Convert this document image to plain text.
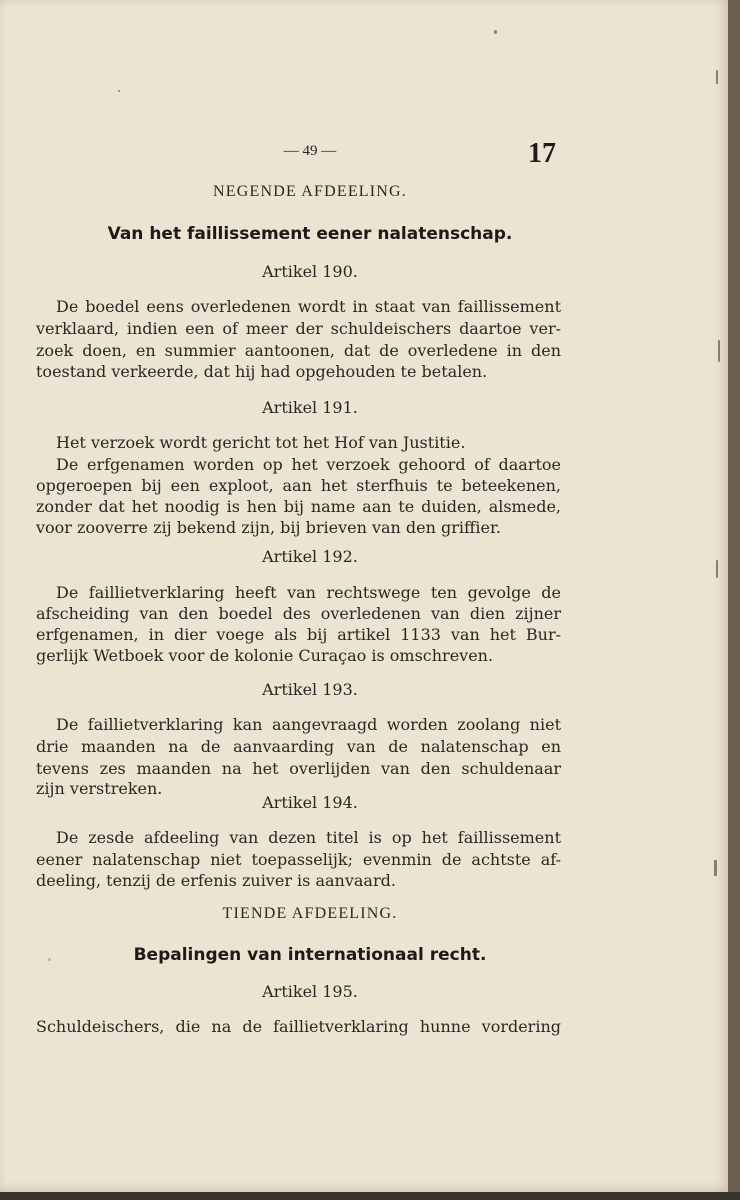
— 49 —	17
NEGENDE AFDEELING.
Van het faillissement eener nalatenschap.
Artikel 190.
De boedel eens overledenen wordt in staat van faillissement
verklaard, indien een of meer der schuldeischers daartoe ver-
zoek doen, en summier aantoonen, dat de overledene in den
toestand verkeerde, dat hij had opgehouden te betalen.
Artikel 191.
Het verzoek wordt gericht tot het Hof van Justitie.
De erfgenamen worden op het verzoek gehoord of daartoe
opgeroepen bij een exploot, aan het sterfhuis te beteekenen,
zonder dat het noodig is hen bij name aan te duiden, alsmede,
voor zooverre zij bekend zijn, bij brieven van den griffier.
Artikel 192.
De faillietverklaring heeft van rechtswege ten gevolge de
afscheiding van den boedel des overledenen van dien zijner
erfgenamen, in dier voege als bij artikel 1133 van het Bur-
gerlijk Wetboek voor de kolonie Curaçao is omschreven.
Artikel 193.
De faillietverklaring kan aangevraagd worden zoolang niet
drie maanden na de aanvaarding van de nalatenschap en
tevens zes maanden na het overlijden van den schuldenaar
zijn verstreken.
Artikel 194.
De zesde afdeeling van dezen titel is op het faillissement
eener nalatenschap niet toepasselijk; evenmin de achtste af-
deeling, tenzij de erfenis zuiver is aanvaard.
TIENDE AFDEELING.
Bepalingen van internationaal recht.
Artikel 195.
Schuldeischers, die na de faillietverklaring hunne vordering
